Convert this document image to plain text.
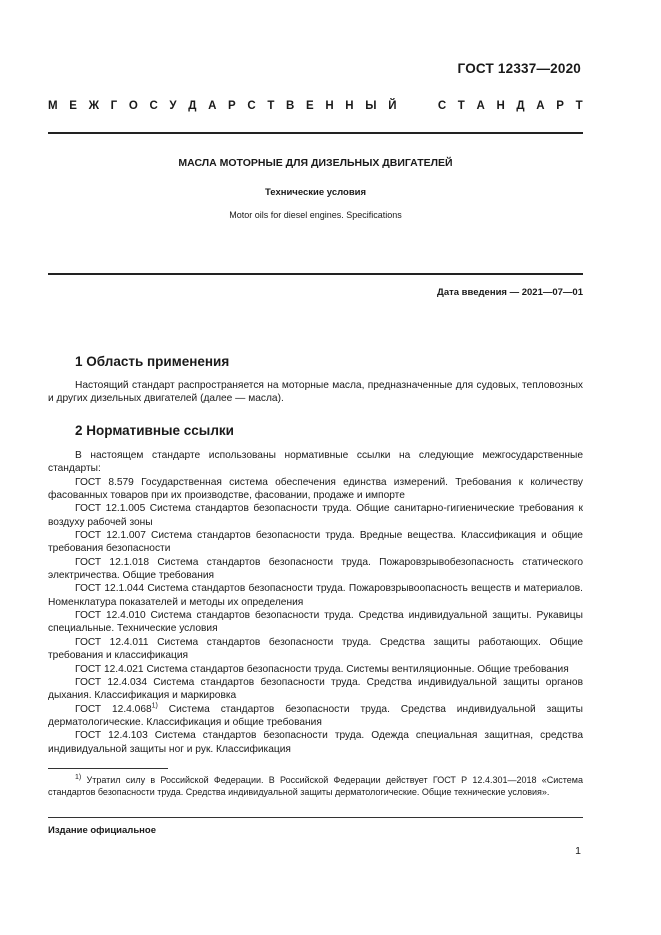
ГОСТ 12337—2020
М Е Ж Г О С У Д А Р С Т В Е Н Н Ы Й

	С Т А Н Д А Р Т
МАСЛА МОТОРНЫЕ ДЛЯ ДИЗЕЛЬНЫХ ДВИГАТЕЛЕЙ
Технические условия
Motor oils for diesel engines. Specifications
Дата введения — 2021—07—01
1 Область применения
Настоящий стандарт распространяется на моторные масла, предназначенные для судовых, тепловозных и других дизельных двигателей (далее — масла).
2 Нормативные ссылки

В настоящем стандарте использованы нормативные ссылки на следующие межгосударственные стандарты:

ГОСТ 8.579 Государственная система обеспечения единства измерений. Требования к количеству фасованных товаров при их производстве, фасовании, продаже и импорте

ГОСТ 12.1.005 Система стандартов безопасности труда. Общие санитарно-гигиенические требования к воздуху рабочей зоны

ГОСТ 12.1.007 Система стандартов безопасности труда. Вредные вещества. Классификация и общие требования безопасности

ГОСТ 12.1.018 Система стандартов безопасности труда. Пожаровзрывобезопасность статического электричества. Общие требования

ГОСТ 12.1.044 Система стандартов безопасности труда. Пожаровзрывоопасность веществ и материалов. Номенклатура показателей и методы их определения

ГОСТ 12.4.010 Система стандартов безопасности труда. Средства индивидуальной защиты. Рукавицы специальные. Технические условия

ГОСТ 12.4.011 Система стандартов безопасности труда. Средства защиты работающих. Общие требования и классификация

ГОСТ 12.4.021 Система стандартов безопасности труда. Системы вентиляционные. Общие требования

ГОСТ 12.4.034 Система стандартов безопасности труда. Средства индивидуальной защиты органов дыхания. Классификация и маркировка

ГОСТ 12.4.068$^{1)}$ Система стандартов безопасности труда. Средства индивидуальной защиты дерматологические. Классификация и общие требования

ГОСТ 12.4.103 Система стандартов безопасности труда. Одежда специальная защитная, средства индивидуальной защиты ног и рук. Классификация

$^{1)}$ Утратил силу в Российской Федерации. В Российской Федерации действует ГОСТ Р 12.4.301—2018 «Система стандартов безопасности труда. Средства индивидуальной защиты дерматологические. Общие технические условия».
Издание официальное
1
